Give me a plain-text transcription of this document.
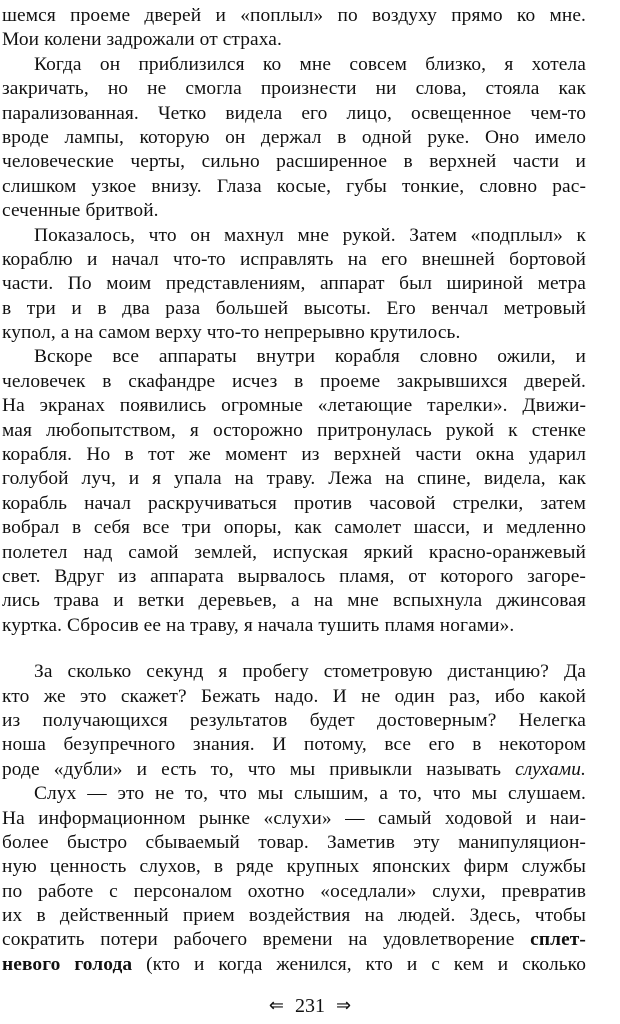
шемся проеме дверей и «поплыл» по воздуху прямо ко мне.
Мои колени задрожали от страха.
Когда он приблизился ко мне совсем близко, я хотела
закричать, но не смогла произнести ни слова, стояла как
парализованная. Четко видела его лицо, освещенное чем-то
вроде лампы, которую он держал в одной руке. Оно имело
человеческие черты, сильно расширенное в верхней части и
слишком узкое внизу. Глаза косые, губы тонкие, словно рас-
сеченные бритвой.
Показалось, что он махнул мне рукой. Затем «подплыл» к
кораблю и начал что-то исправлять на его внешней бортовой
части. По моим представлениям, аппарат был шириной метра
в три и в два раза большей высоты. Его венчал метровый
купол, а на самом верху что-то непрерывно крутилось.
Вскоре все аппараты внутри корабля словно ожили, и
человечек в скафандре исчез в проеме закрывшихся дверей.
На экранах появились огромные «летающие тарелки». Движи-
мая любопытством, я осторожно притронулась рукой к стенке
корабля. Но в тот же момент из верхней части окна ударил
голубой луч, и я упала на траву. Лежа на спине, видела, как
корабль начал раскручиваться против часовой стрелки, затем
вобрал в себя все три опоры, как самолет шасси, и медленно
полетел над самой землей, испуская яркий красно-оранжевый
свет. Вдруг из аппарата вырвалось пламя, от которого загоре-
лись трава и ветки деревьев, а на мне вспыхнула джинсовая
куртка. Сбросив ее на траву, я начала тушить пламя ногами».
За сколько секунд я пробегу стометровую дистанцию? Да
кто же это скажет? Бежать надо. И не один раз, ибо какой
из получающихся результатов будет достоверным? Нелегка
ноша безупречного знания. И потому, все его в некотором
роде «дубли» и есть то, что мы привыкли называть слухами.
Слух — это не то, что мы слышим, а то, что мы слушаем.
На информационном рынке «слухи» — самый ходовой и наи-
более быстро сбываемый товар. Заметив эту манипуляцион-
ную ценность слухов, в ряде крупных японских фирм службы
по работе с персоналом охотно «оседлали» слухи, превратив
их в действенный прием воздействия на людей. Здесь, чтобы
сократить потери рабочего времени на удовлетворение сплет-
невого голода (кто и когда женился, кто и с кем и сколько
⇐ 231 ⇒
